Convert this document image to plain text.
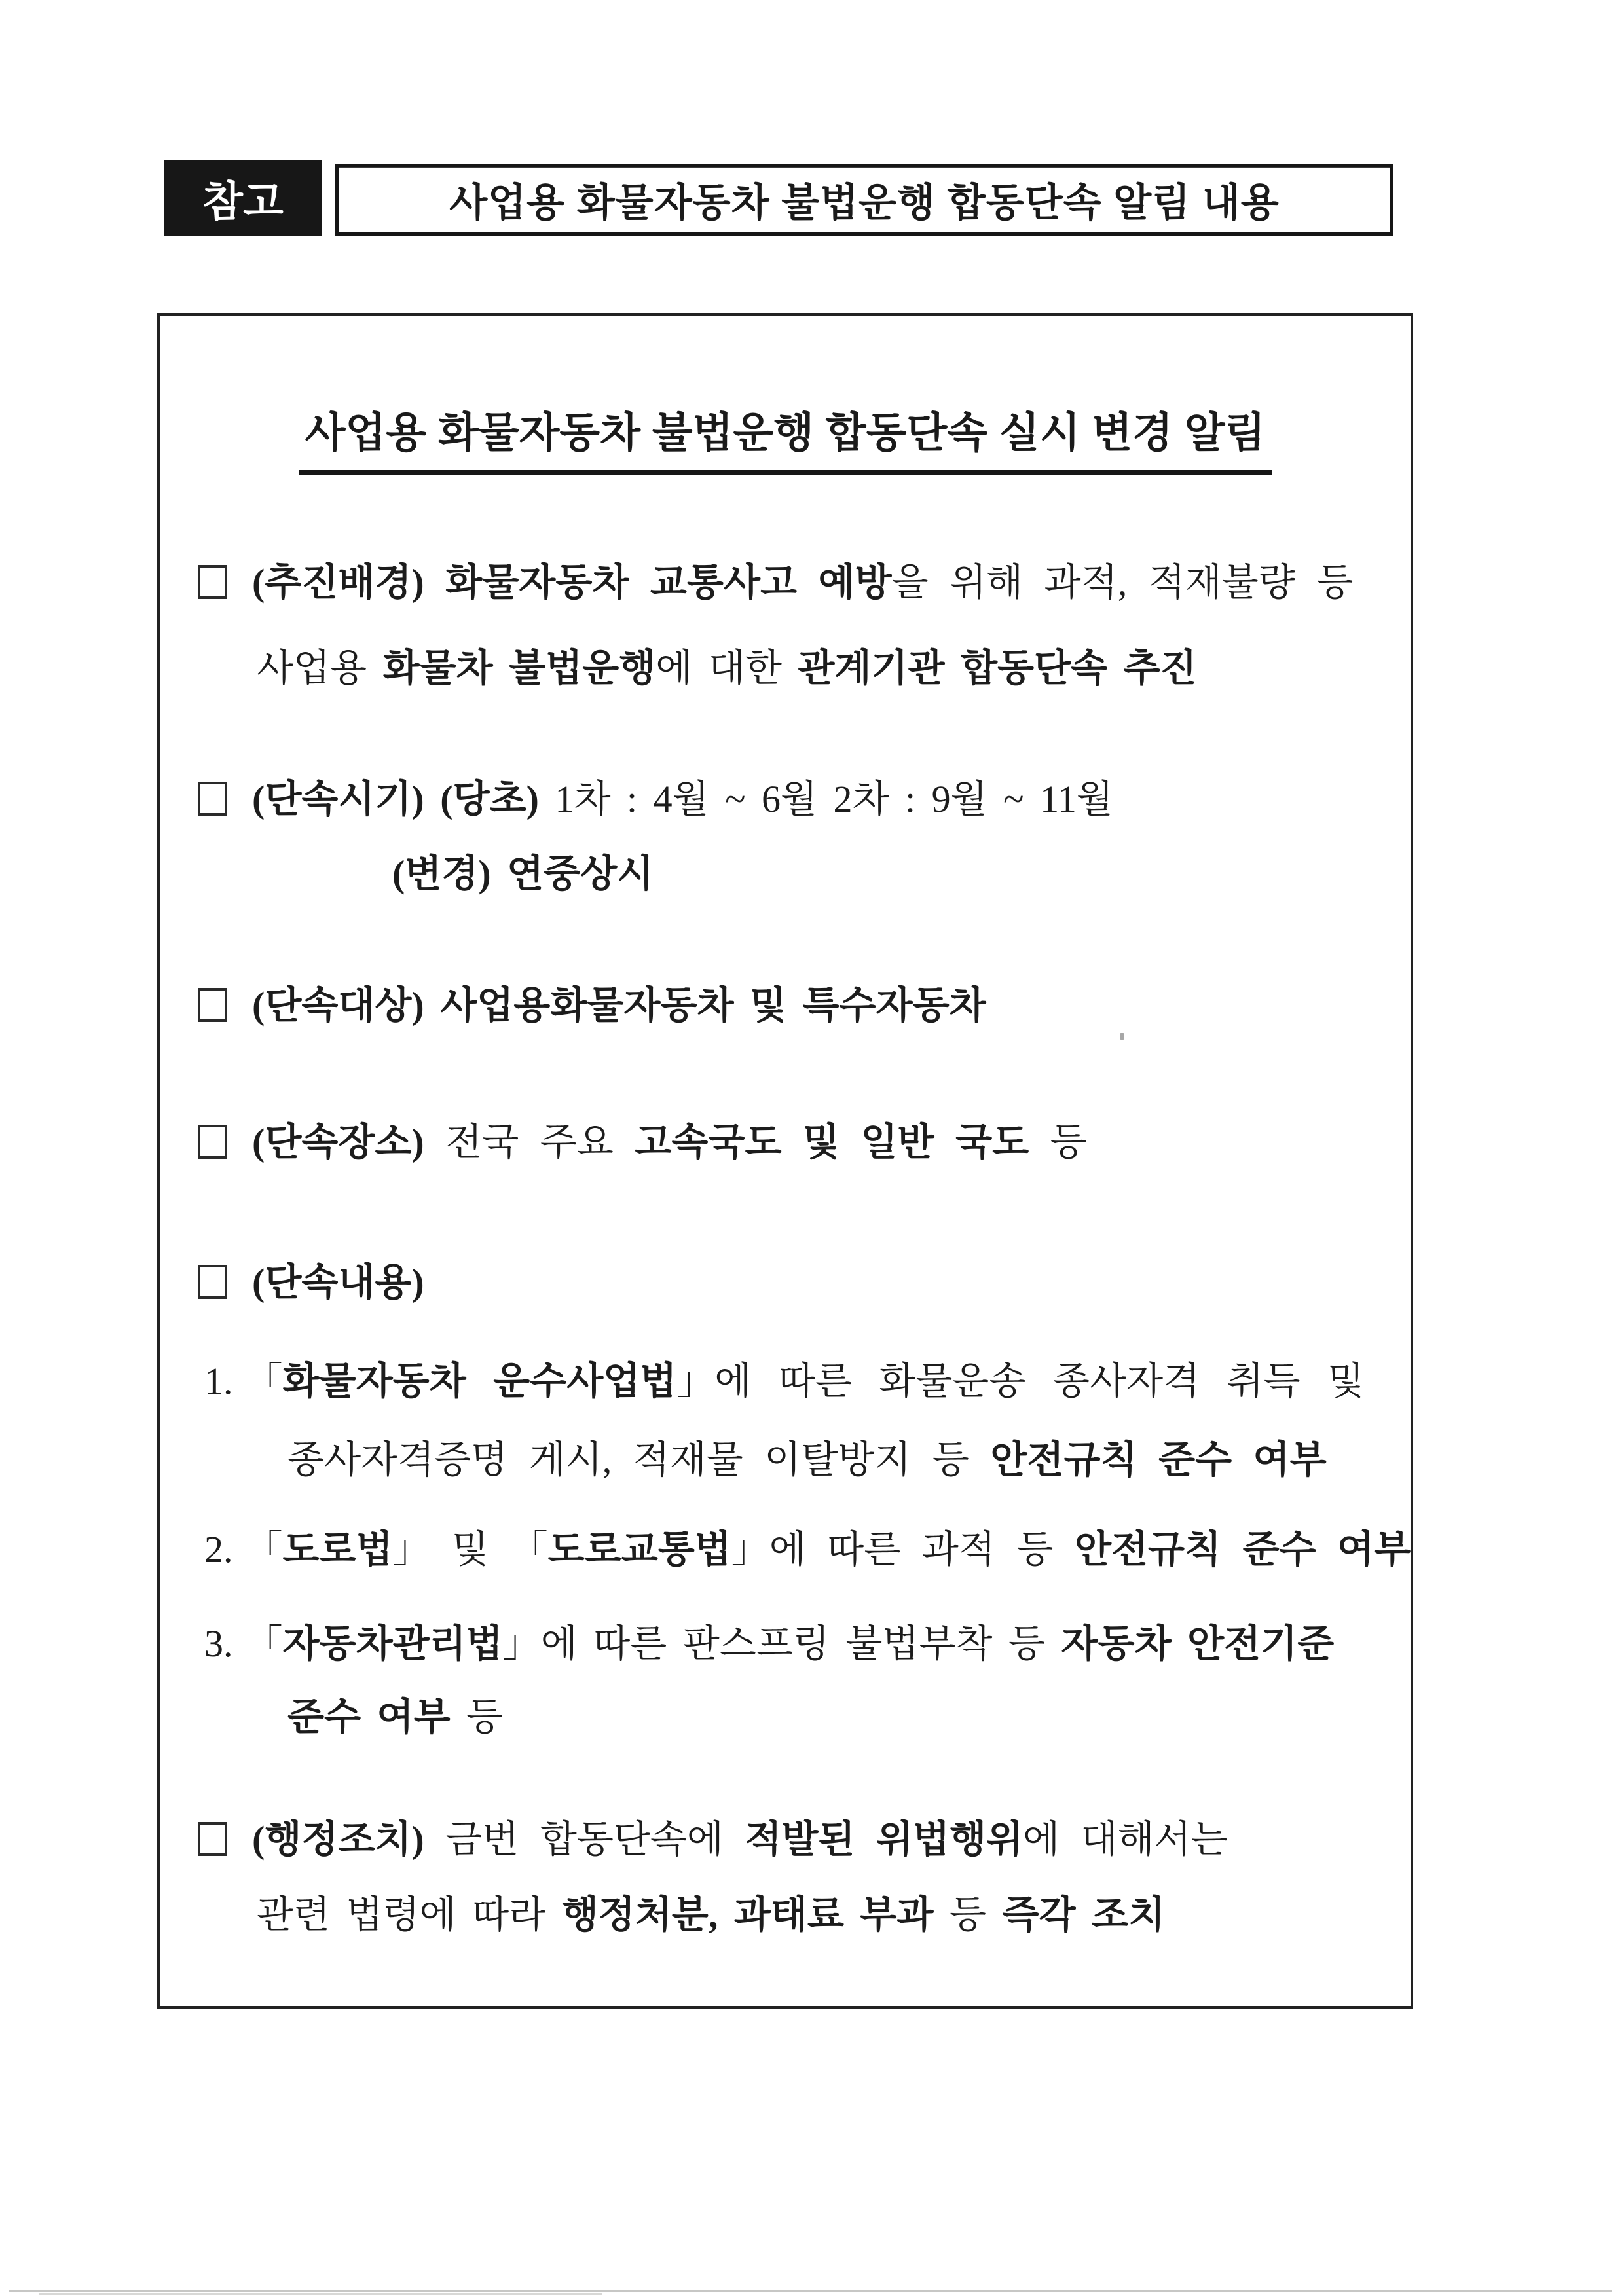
참고	사업용 화물자동차 불법운행 합동단속 알림 내용
사업용 화물자동차 불법운행 합동단속 실시 변경 알림
(추진배경) 화물자동차 교통사고 예방을 위해 과적, 적재불량 등
사업용 화물차 불법운행에 대한 관계기관 합동단속 추진
(단속시기) (당초) 1차 : 4월 ~ 6월 2차 : 9월 ~ 11월
(변경) 연중상시
(단속대상) 사업용화물자동차 및 특수자동차
(단속장소) 전국 주요 고속국도 및 일반 국도 등
(단속내용)
1. 「화물자동차 운수사업법」에 따른 화물운송 종사자격 취득 및
종사자격증명 게시, 적재물 이탈방지 등 안전규칙 준수 여부
2. 「도로법」 및 「도로교통법」에 따른 과적 등 안전규칙 준수 여부
3. 「자동차관리법」에 따른 판스프링 불법부착 등 자동차 안전기준
준수 여부 등
(행정조치) 금번 합동단속에 적발된 위법행위에 대해서는
관련 법령에 따라 행정처분, 과태료 부과 등 즉각 조치
